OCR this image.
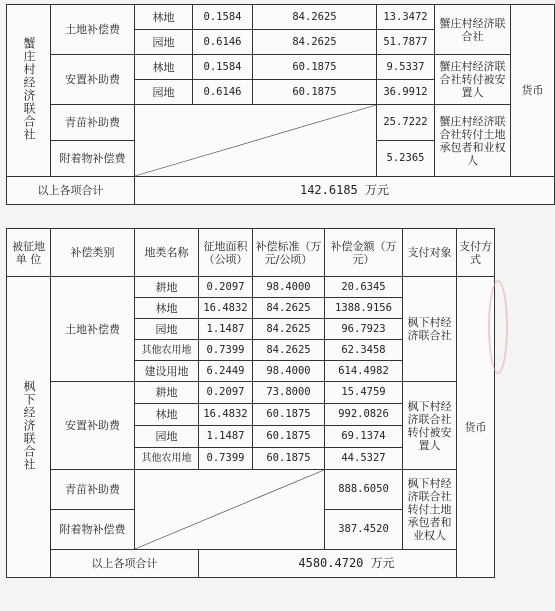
蟹庄村经济联合社	土地补偿费	林地	0.1584	84.2625	13.3472	蟹庄村经济联合社	货币
		园地	0.6146	84.2625	51.7877		
	安置补助费	林地	0.1584	60.1875	9.5337	蟹庄村经济联合社转付被安置人	
		园地	0.6146	60.1875	36.9912		
	青苗补助费				25.7222	蟹庄村经济联合社转付土地承包者和业权人	
	附着物补偿费				5.2365		
以上各项合计		142.6185 万元					
被征地单 位	补偿类别	地类名称	征地面积（公顷）	补偿标准（万元/公顷）	补偿金额（万元）	支付对象	支付方式
枫下经济联合社	土地补偿费	耕地	0.2097	98.4000	20.6345	枫下村经济联合社	货币
		林地	16.4832	84.2625	1388.9156		
		园地	1.1487	84.2625	96.7923		
		其他农用地	0.7399	84.2625	62.3458		
		建设用地	6.2449	98.4000	614.4982		
	安置补助费	耕地	0.2097	73.8000	15.4759	枫下村经济联合社转付被安置人	
		林地	16.4832	60.1875	992.0826		
		园地	1.1487	60.1875	69.1374		
		其他农用地	0.7399	60.1875	44.5327		
	青苗补助费				888.6050	枫下村经济联合社转付土地承包者和业权人	
	附着物补偿费				387.4520		
	以上各项合计		4580.4720 万元				
